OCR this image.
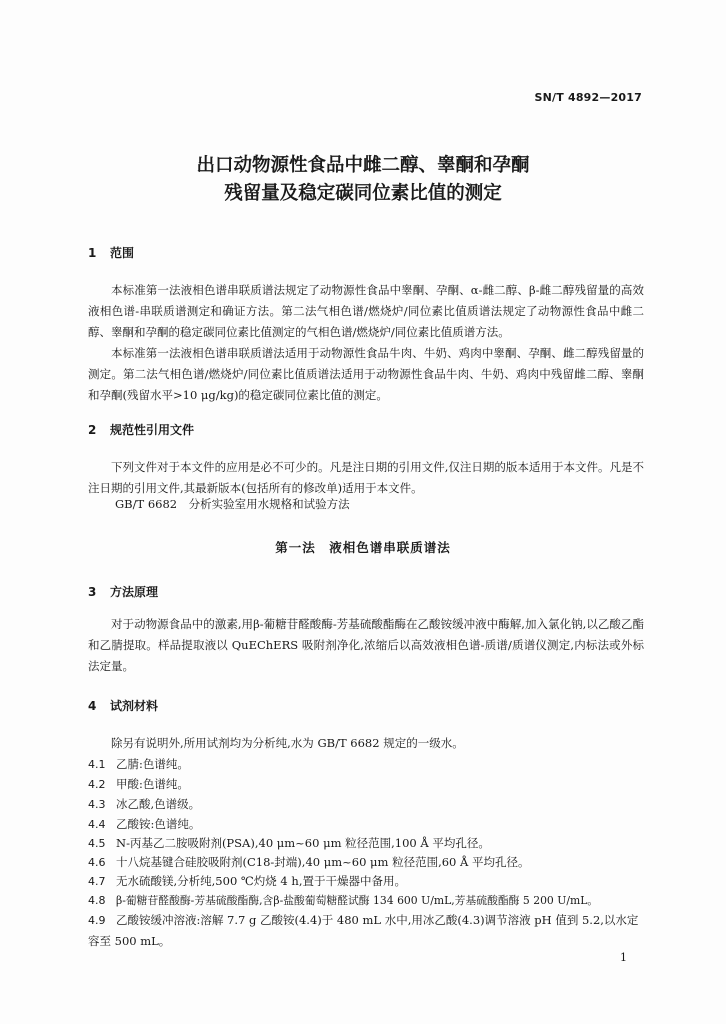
SN/T 4892—2017
出口动物源性食品中雌二醇、睾酮和孕酮
残留量及稳定碳同位素比值的测定
1 范围
本标准第一法液相色谱串联质谱法规定了动物源性食品中睾酮、孕酮、α-雌二醇、β-雌二醇残留量的高效液相色谱-串联质谱测定和确证方法。第二法气相色谱/燃烧炉/同位素比值质谱法规定了动物源性食品中雌二醇、睾酮和孕酮的稳定碳同位素比值测定的气相色谱/燃烧炉/同位素比值质谱方法。
本标准第一法液相色谱串联质谱法适用于动物源性食品牛肉、牛奶、鸡肉中睾酮、孕酮、雌二醇残留量的测定。第二法气相色谱/燃烧炉/同位素比值质谱法适用于动物源性食品牛肉、牛奶、鸡肉中残留雌二醇、睾酮和孕酮(残留水平>10 μg/kg)的稳定碳同位素比值的测定。
2 规范性引用文件
下列文件对于本文件的应用是必不可少的。凡是注日期的引用文件,仅注日期的版本适用于本文件。凡是不注日期的引用文件,其最新版本(包括所有的修改单)适用于本文件。
GB/T 6682　分析实验室用水规格和试验方法
第一法　液相色谱串联质谱法
3 方法原理
对于动物源食品中的激素,用β-葡糖苷醛酸酶-芳基硫酸酯酶在乙酸铵缓冲液中酶解,加入氯化钠,以乙酸乙酯和乙腈提取。样品提取液以 QuEChERS 吸附剂净化,浓缩后以高效液相色谱-质谱/质谱仪测定,内标法或外标法定量。
4 试剂材料
除另有说明外,所用试剂均为分析纯,水为 GB/T 6682 规定的一级水。
4.1 乙腈:色谱纯。
4.2 甲酸:色谱纯。
4.3 冰乙酸,色谱级。
4.4 乙酸铵:色谱纯。
4.5 N-丙基乙二胺吸附剂(PSA),40 μm~60 μm 粒径范围,100 Å 平均孔径。
4.6 十八烷基键合硅胶吸附剂(C18-封端),40 μm~60 μm 粒径范围,60 Å 平均孔径。
4.7 无水硫酸镁,分析纯,500 ℃灼烧 4 h,置于干燥器中备用。
4.8 β-葡糖苷醛酸酶-芳基硫酸酯酶,含β-盐酸葡萄糖醛试酶 134 600 U/mL,芳基硫酸酯酶 5 200 U/mL。
4.9 乙酸铵缓冲溶液:溶解 7.7 g 乙酸铵(4.4)于 480 mL 水中,用冰乙酸(4.3)调节溶液 pH 值到 5.2,以水定容至 500 mL。
1
